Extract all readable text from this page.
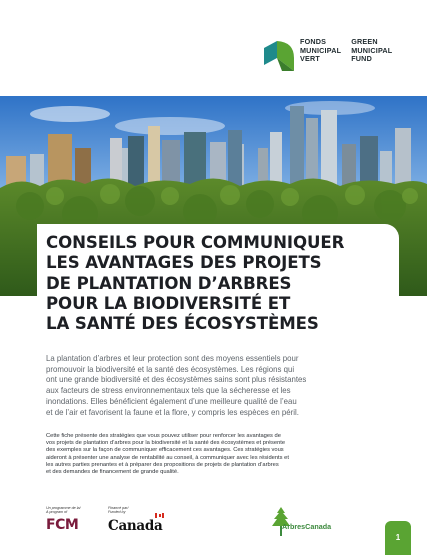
FONDS
MUNICIPAL
VERT
GREEN
MUNICIPAL
FUND
CONSEILS POUR COMMUNIQUER
LES AVANTAGES DES PROJETS
DE PLANTATION D’ARBRES
POUR LA BIODIVERSITÉ ET
LA SANTÉ DES ÉCOSYSTÈMES

La plantation d’arbres et leur protection sont des moyens essentiels pour
promouvoir la biodiversité et la santé des écosystèmes. Les régions qui
ont une grande biodiversité et des écosystèmes sains sont plus résistantes
aux facteurs de stress environnementaux tels que la sécheresse et les
inondations. Elles bénéficient également d’une meilleure qualité de l’eau
et de l’air et favorisent la faune et la flore, y compris les espèces en péril.

Cette fiche présente des stratégies que vous pouvez utiliser pour renforcer les avantages de
vos projets de plantation d’arbres pour la biodiversité et la santé des écosystèmes et présente
des exemples sur la façon de communiquer efficacement ces avantages. Ces stratégies vous
aideront à présenter une analyse de rentabilité au conseil, à communiquer avec les résidents et
les autres parties prenantes et à préparer des propositions de projets de plantation d’arbres
et des demandes de financement de grande qualité.

Un programme de la/
A program of
FCM
Financé par/
Funded by
Canada	ArbresCanada
1
